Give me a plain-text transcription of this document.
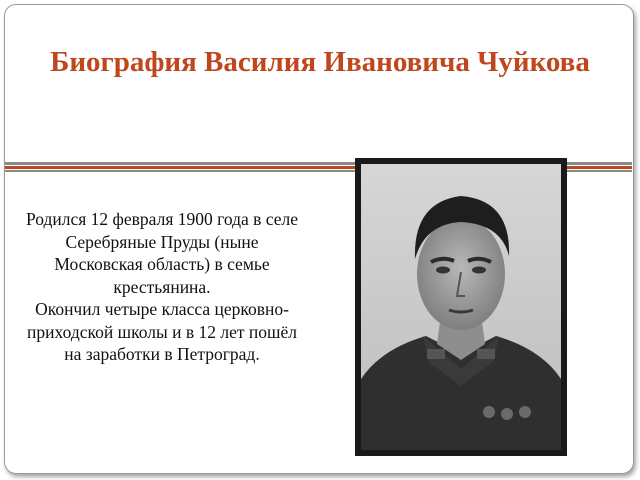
Биография Василия Ивановича Чуйкова

Родился 12 февраля 1900 года в селе Серебряные Пруды (ныне Московская область) в семье крестьянина.

Окончил четыре класса церковно-приходской школы и в 12 лет пошёл на заработки в Петроград.
